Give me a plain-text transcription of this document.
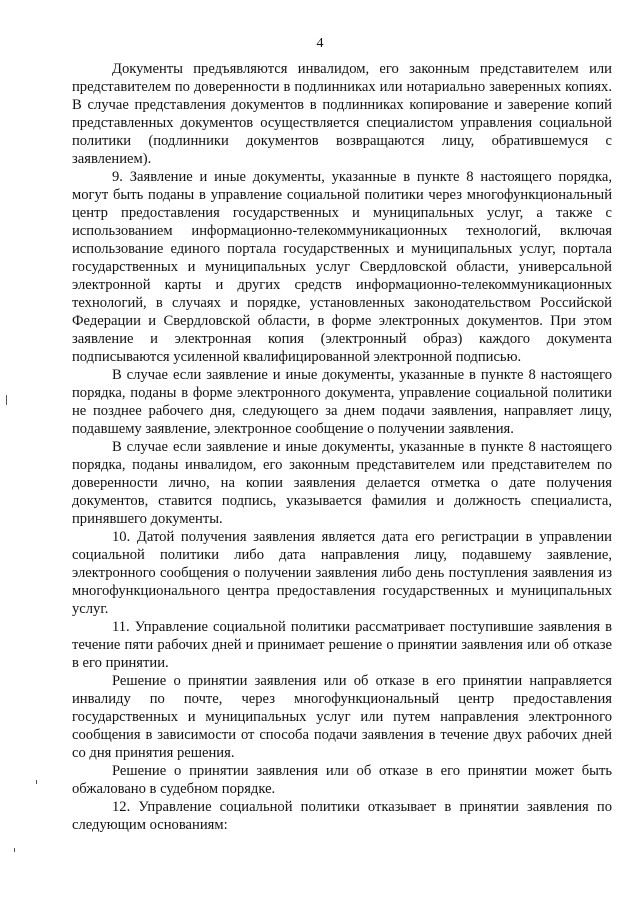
4

Документы предъявляются инвалидом, его законным представителем или представителем по доверенности в подлинниках или нотариально заверенных копиях. В случае представления документов в подлинниках копирование и заверение копий представленных документов осуществляется специалистом управления социальной политики (подлинники документов возвращаются лицу, обратившемуся с заявлением).

9. Заявление и иные документы, указанные в пункте 8 настоящего порядка, могут быть поданы в управление социальной политики через многофункциональный центр предоставления государственных и муниципальных услуг, а также с использованием информационно-телекоммуникационных технологий, включая использование единого портала государственных и муниципальных услуг, портала государственных и муниципальных услуг Свердловской области, универсальной электронной карты и других средств информационно-телекоммуникационных технологий, в случаях и порядке, установленных законодательством Российской Федерации и Свердловской области, в форме электронных документов. При этом заявление и электронная копия (электронный образ) каждого документа подписываются усиленной квалифицированной электронной подписью.

В случае если заявление и иные документы, указанные в пункте 8 настоящего порядка, поданы в форме электронного документа, управление социальной политики не позднее рабочего дня, следующего за днем подачи заявления, направляет лицу, подавшему заявление, электронное сообщение о получении заявления.

В случае если заявление и иные документы, указанные в пункте 8 настоящего порядка, поданы инвалидом, его законным представителем или представителем по доверенности лично, на копии заявления делается отметка о дате получения документов, ставится подпись, указывается фамилия и должность специалиста, принявшего документы.

10. Датой получения заявления является дата его регистрации в управлении социальной политики либо дата направления лицу, подавшему заявление, электронного сообщения о получении заявления либо день поступления заявления из многофункционального центра предоставления государственных и муниципальных услуг.

11. Управление социальной политики рассматривает поступившие заявления в течение пяти рабочих дней и принимает решение о принятии заявления или об отказе в его принятии.

Решение о принятии заявления или об отказе в его принятии направляется инвалиду по почте, через многофункциональный центр предоставления государственных и муниципальных услуг или путем направления электронного сообщения в зависимости от способа подачи заявления в течение двух рабочих дней со дня принятия решения.

Решение о принятии заявления или об отказе в его принятии может быть обжаловано в судебном порядке.

12. Управление социальной политики отказывает в принятии заявления по следующим основаниям:
